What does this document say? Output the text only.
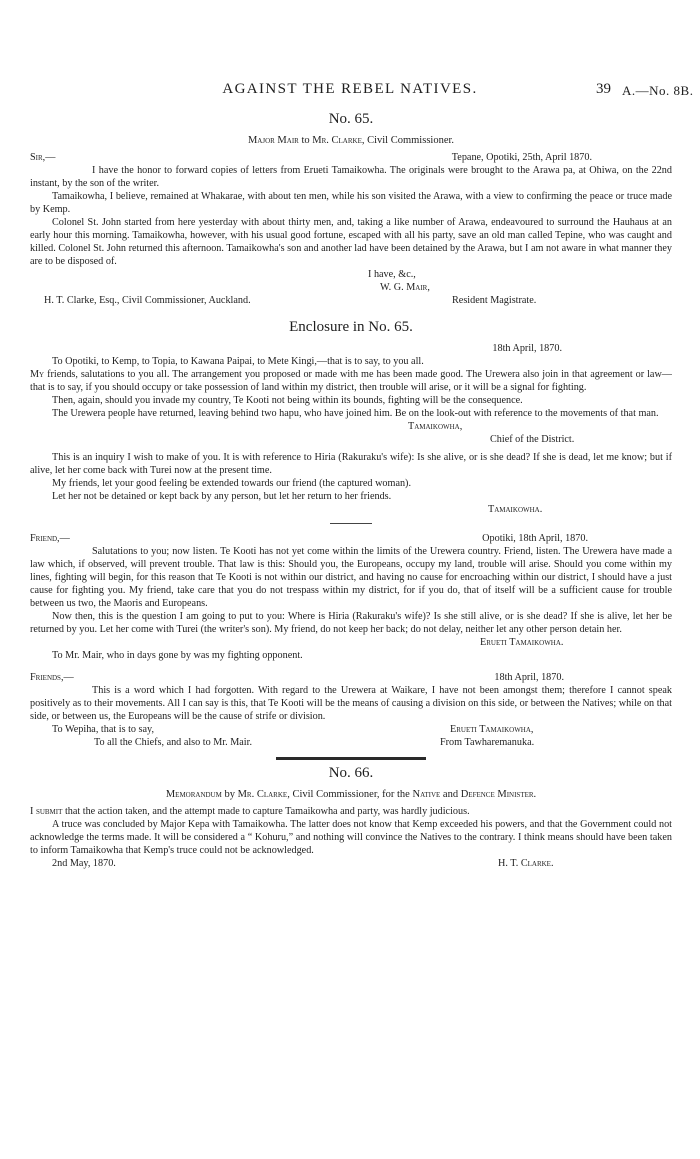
AGAINST THE REBEL NATIVES.	39 A.—No. 8B.
No. 65.
Major Mair to Mr. Clarke, Civil Commissioner.
Sir,—	Tepane, Opotiki, 25th, April 1870.

I have the honor to forward copies of letters from Erueti Tamaikowha. The originals were brought to the Arawa pa, at Ohiwa, on the 22nd instant, by the son of the writer.

Tamaikowha, I believe, remained at Whakarae, with about ten men, while his son visited the Arawa, with a view to confirming the peace or truce made by Kemp.

Colonel St. John started from here yesterday with about thirty men, and, taking a like number of Arawa, endeavoured to surround the Hauhaus at an early hour this morning. Tamaikowha, however, with his usual good fortune, escaped with all his party, save an old man called Tepine, who was caught and killed. Colonel St. John returned this afternoon. Tamaikowha's son and another lad have been detained by the Arawa, but I am not aware in what manner they are to be disposed of.

I have, &c.,
W. G. Mair,
H. T. Clarke, Esq., Civil Commissioner, Auckland.	Resident Magistrate.
Enclosure in No. 65.
18th April, 1870.

To Opotiki, to Kemp, to Topia, to Kawana Paipai, to Mete Kingi,—that is to say, to you all.

My friends, salutations to you all. The arrangement you proposed or made with me has been made good. The Urewera also join in that agreement or law—that is to say, if you should occupy or take possession of land within my district, then trouble will arise, or it will be a signal for fighting.

Then, again, should you invade my country, Te Kooti not being within its bounds, fighting will be the consequence.

The Urewera people have returned, leaving behind two hapu, who have joined him. Be on the look-out with reference to the movements of that man.

Tamaikowha,
Chief of the District.

This is an inquiry I wish to make of you. It is with reference to Hiria (Rakuraku's wife): Is she alive, or is she dead? If she is dead, let me know; but if alive, let her come back with Turei now at the present time.

My friends, let your good feeling be extended towards our friend (the captured woman).

Let her not be detained or kept back by any person, but let her return to her friends.

Tamaikowha.
Friend,—	Opotiki, 18th April, 1870.

Salutations to you; now listen. Te Kooti has not yet come within the limits of the Urewera country. Friend, listen. The Urewera have made a law which, if observed, will prevent trouble. That law is this: Should you, the Europeans, occupy my land, trouble will arise. Should you come within my lines, fighting will begin, for this reason that Te Kooti is not within our district, and having no cause for encroaching within our district, I should have a just cause for fighting you. My friend, take care that you do not trespass within my district, for if you do, that of itself will be a sufficient cause for trouble between us two, the Maoris and Europeans.

Now then, this is the question I am going to put to you: Where is Hiria (Rakuraku's wife)? Is she still alive, or is she dead? If she is alive, let her be returned by you. Let her come with Turei (the writer's son). My friend, do not keep her back; do not delay, neither let any other person detain her.

Erueti Tamaikowha.

To Mr. Mair, who in days gone by was my fighting opponent.

Friends,—	18th April, 1870.

This is a word which I had forgotten. With regard to the Urewera at Waikare, I have not been amongst them; therefore I cannot speak positively as to their movements. All I can say is this, that Te Kooti will be the means of causing a division on this side, or between the Natives; while on that side, or between us, the Europeans will be the cause of strife or division.

To Wepiha, that is to say,	Erueti Tamaikowha,
To all the Chiefs, and also to Mr. Mair.	From Tawharemanuka.
No. 66.
Memorandum by Mr. Clarke, Civil Commissioner, for the Native and Defence Minister.

I submit that the action taken, and the attempt made to capture Tamaikowha and party, was hardly judicious.

A truce was concluded by Major Kepa with Tamaikowha. The latter does not know that Kemp exceeded his powers, and that the Government could not acknowledge the terms made. It will be considered a “ Kohuru,” and nothing will convince the Natives to the contrary. I think means should have been taken to inform Tamaikowha that Kemp's truce could not be acknowledged.

2nd May, 1870.	H. T. Clarke.
